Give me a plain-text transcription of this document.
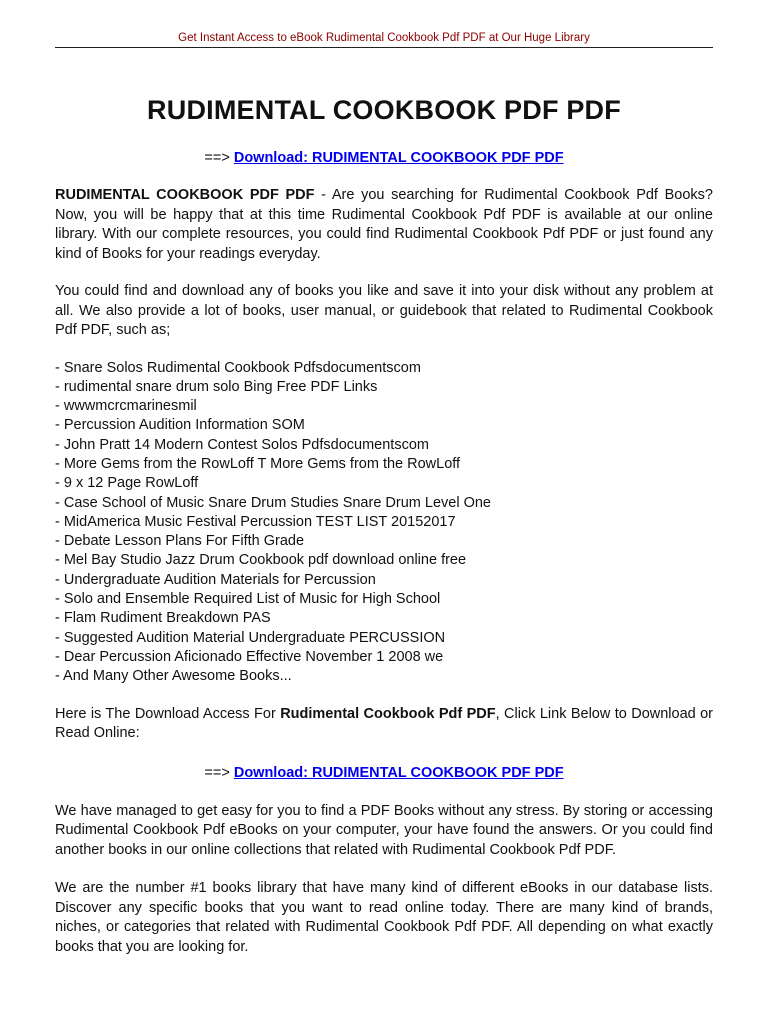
Get Instant Access to eBook Rudimental Cookbook Pdf PDF at Our Huge Library
RUDIMENTAL COOKBOOK PDF PDF

==> Download: RUDIMENTAL COOKBOOK PDF PDF

RUDIMENTAL COOKBOOK PDF PDF - Are you searching for Rudimental Cookbook Pdf Books? Now, you will be happy that at this time Rudimental Cookbook Pdf PDF is available at our online library. With our complete resources, you could find Rudimental Cookbook Pdf PDF or just found any kind of Books for your readings everyday.

You could find and download any of books you like and save it into your disk without any problem at all. We also provide a lot of books, user manual, or guidebook that related to Rudimental Cookbook Pdf PDF, such as;

- Snare Solos Rudimental Cookbook Pdfsdocumentscom
- rudimental snare drum solo Bing Free PDF Links
- wwwmcrcmarinesmil
- Percussion Audition Information SOM
- John Pratt 14 Modern Contest Solos Pdfsdocumentscom
- More Gems from the RowLoff T More Gems from the RowLoff
- 9 x 12 Page RowLoff
- Case School of Music Snare Drum Studies Snare Drum Level One
- MidAmerica Music Festival Percussion TEST LIST 20152017
- Debate Lesson Plans For Fifth Grade
- Mel Bay Studio Jazz Drum Cookbook pdf download online free
- Undergraduate Audition Materials for Percussion
- Solo and Ensemble Required List of Music for High School
- Flam Rudiment Breakdown PAS
- Suggested Audition Material Undergraduate PERCUSSION
- Dear Percussion Aficionado Effective November 1 2008 we
- And Many Other Awesome Books...

Here is The Download Access For Rudimental Cookbook Pdf PDF, Click Link Below to Download or Read Online:

==> Download: RUDIMENTAL COOKBOOK PDF PDF

We have managed to get easy for you to find a PDF Books without any stress. By storing or accessing Rudimental Cookbook Pdf eBooks on your computer, your have found the answers. Or you could find another books in our online collections that related with Rudimental Cookbook Pdf PDF.

We are the number #1 books library that have many kind of different eBooks in our database lists. Discover any specific books that you want to read online today. There are many kind of brands, niches, or categories that related with Rudimental Cookbook Pdf PDF. All depending on what exactly books that you are looking for.
